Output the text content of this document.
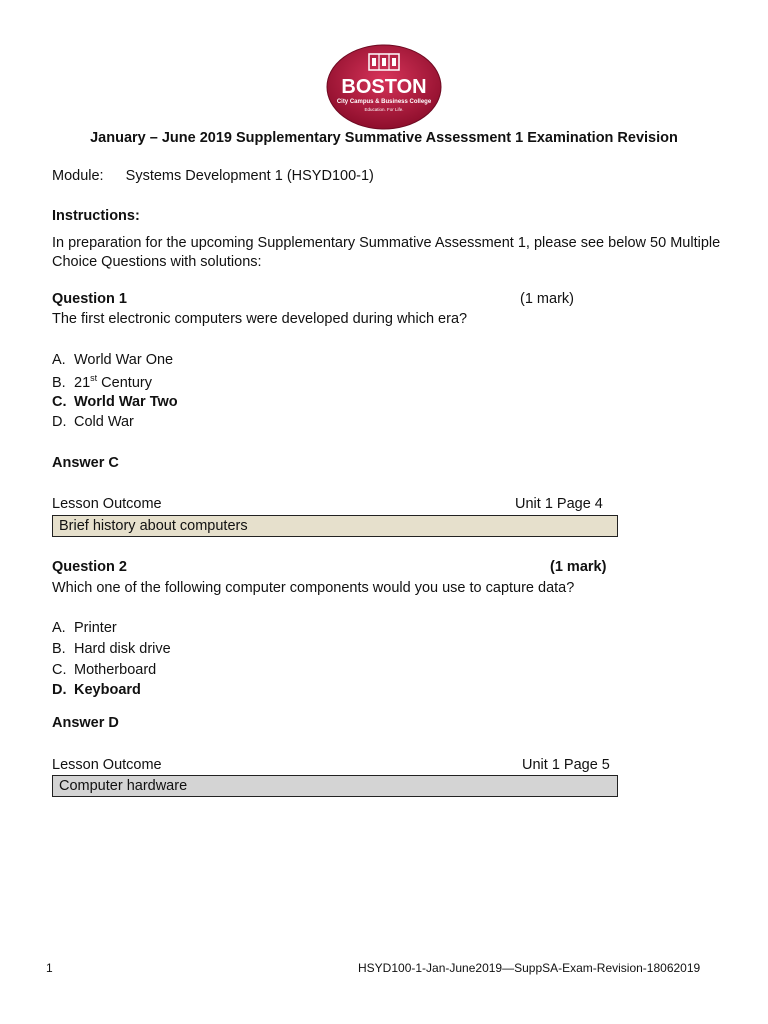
BOSTON
City Campus & Business College
Education. For Life.
January – June 2019 Supplementary Summative Assessment 1 Examination Revision
Module: Systems Development 1 (HSYD100-1)
Instructions:
In preparation for the upcoming Supplementary Summative Assessment 1, please see below 50 Multiple
Choice Questions with solutions:
Question 1	(1 mark)
The first electronic computers were developed during which era?
A. World War One
B. 21st Century
C. World War Two
D. Cold War
Answer C
Lesson Outcome	Unit 1 Page 4
Brief history about computers
Question 2	(1 mark)
Which one of the following computer components would you use to capture data?
A. Printer
B. Hard disk drive
C. Motherboard
D. Keyboard
Answer D
Lesson Outcome	Unit 1 Page 5
Computer hardware
1	HSYD100-1-Jan-June2019—SuppSA-Exam-Revision-18062019
